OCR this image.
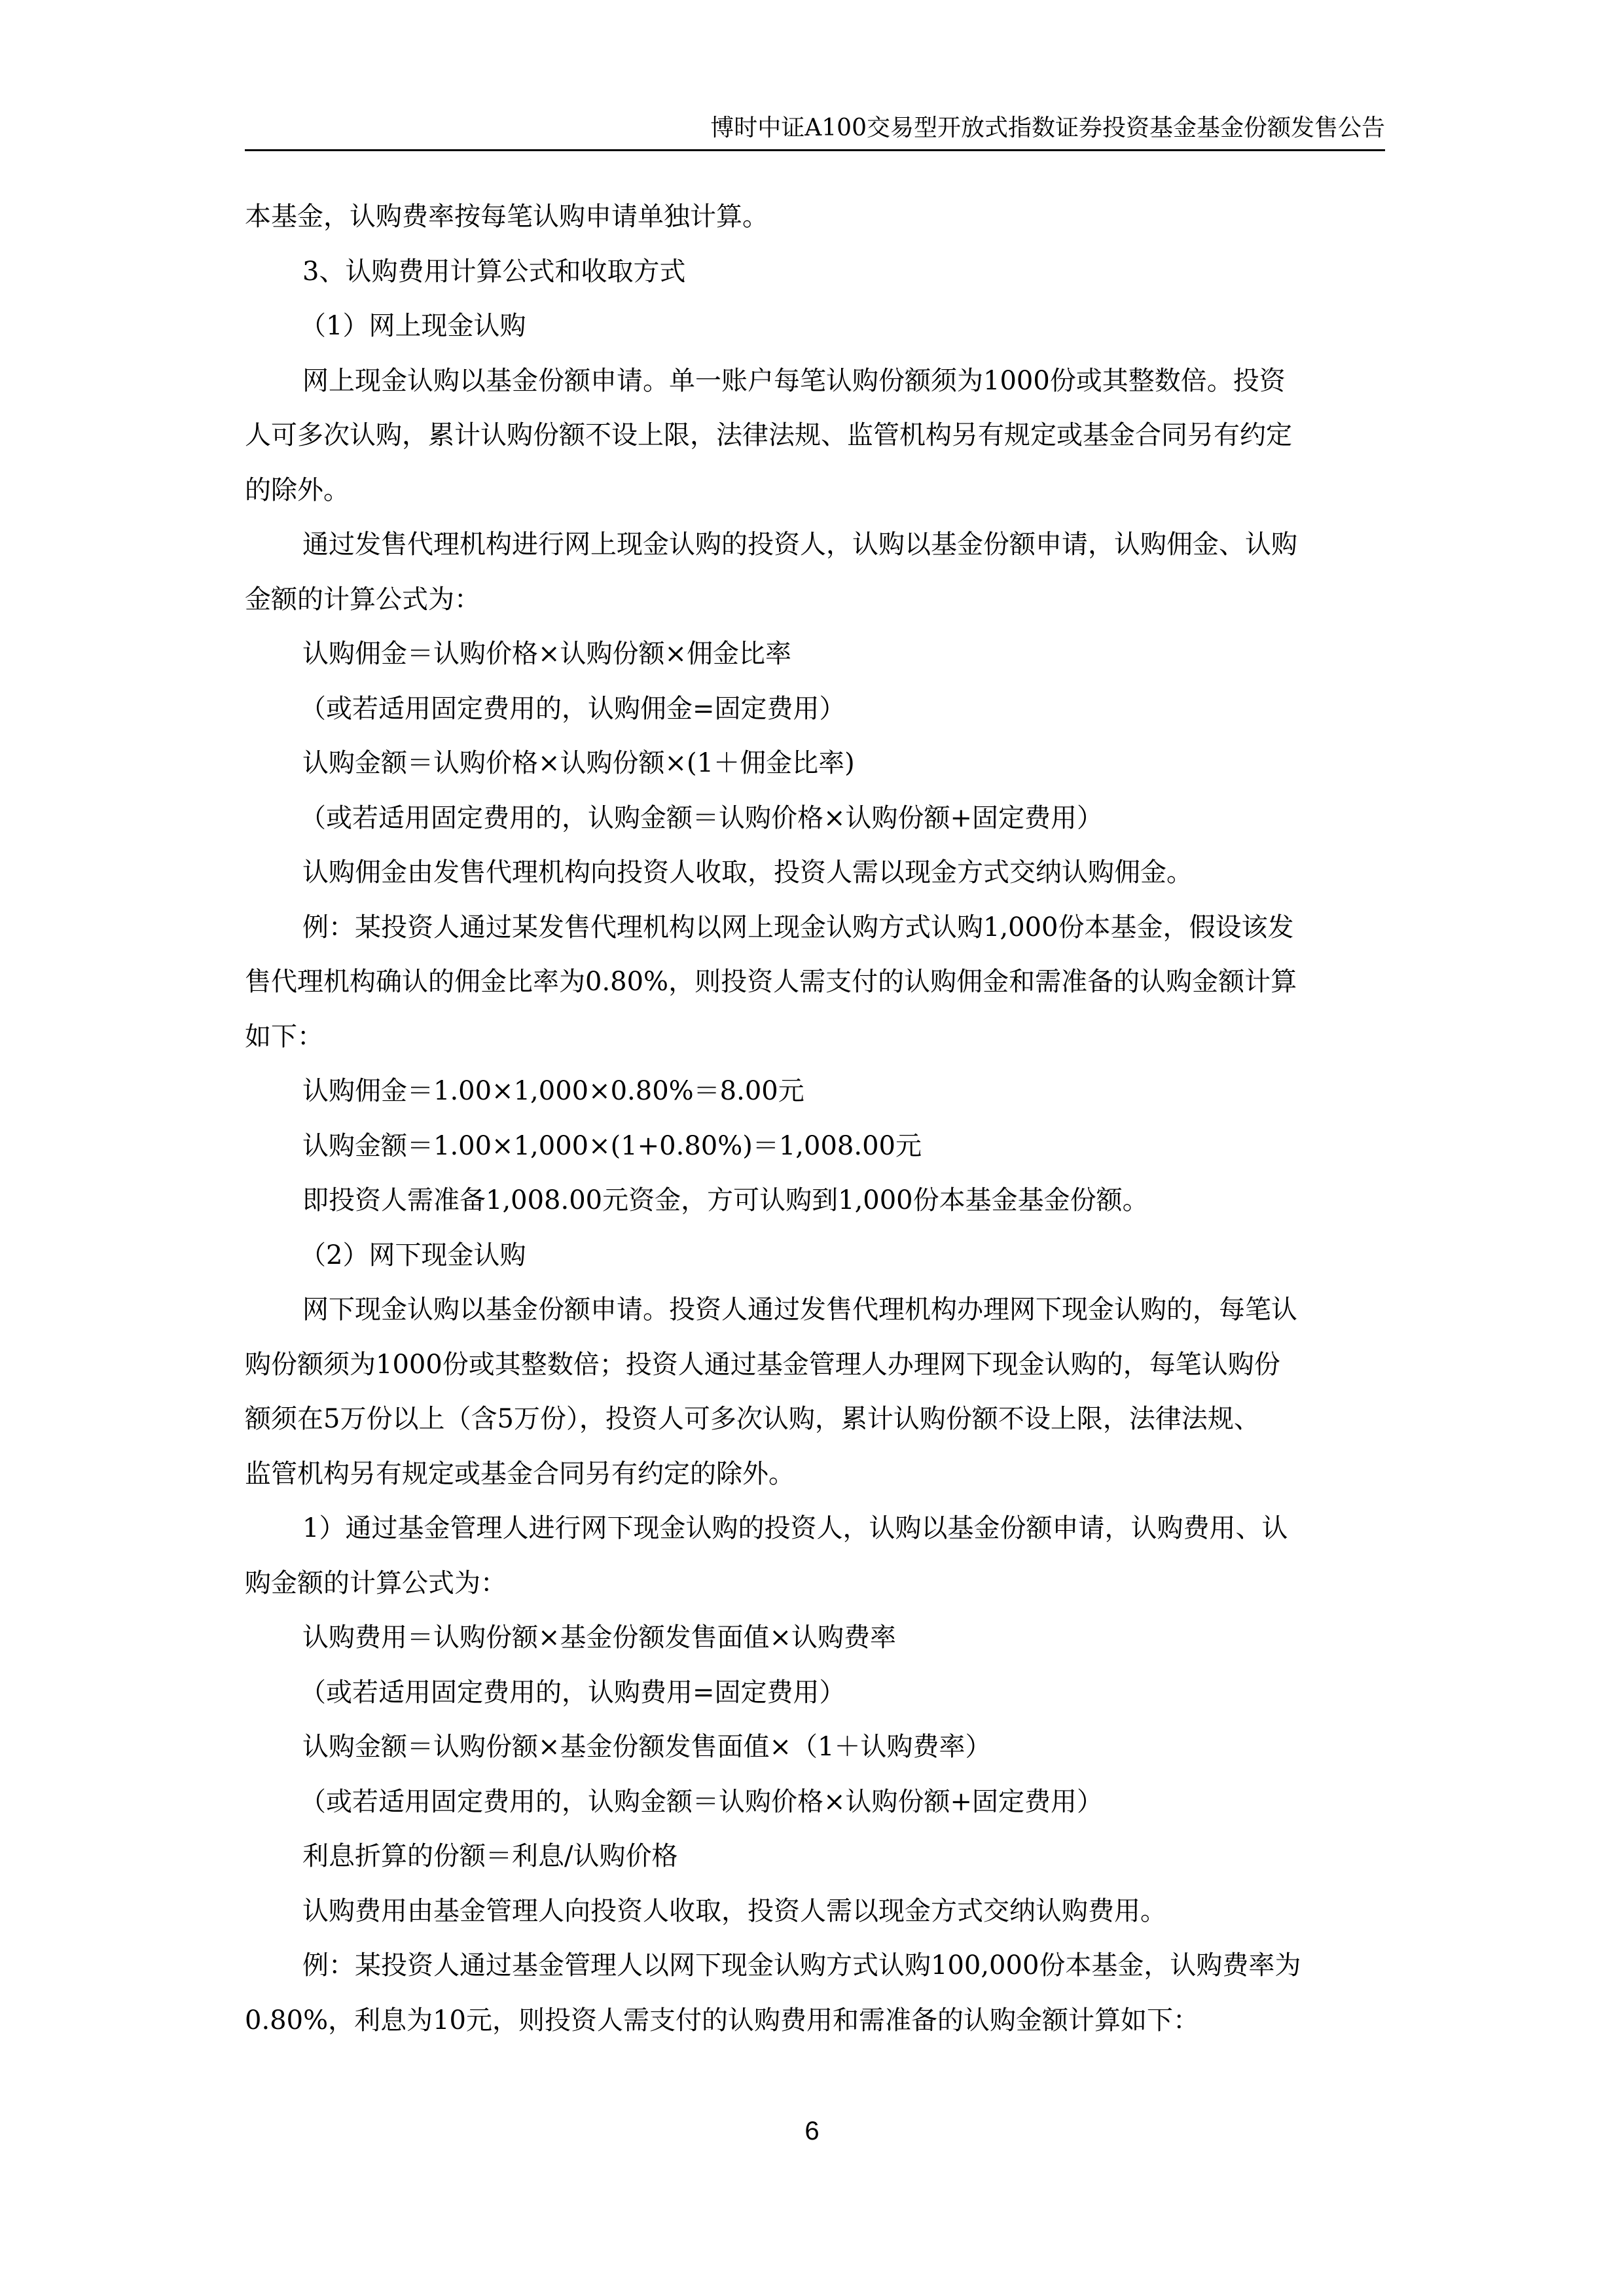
博时中证A100交易型开放式指数证券投资基金基金份额发售公告
本基金，认购费率按每笔认购申请单独计算。
3、认购费用计算公式和收取方式
（1）网上现金认购
网上现金认购以基金份额申请。单一账户每笔认购份额须为1000份或其整数倍。投资
人可多次认购，累计认购份额不设上限，法律法规、监管机构另有规定或基金合同另有约定
的除外。
通过发售代理机构进行网上现金认购的投资人，认购以基金份额申请，认购佣金、认购
金额的计算公式为：
认购佣金＝认购价格×认购份额×佣金比率
（或若适用固定费用的，认购佣金=固定费用）
认购金额＝认购价格×认购份额×(1＋佣金比率)
（或若适用固定费用的，认购金额＝认购价格×认购份额+固定费用）
认购佣金由发售代理机构向投资人收取，投资人需以现金方式交纳认购佣金。
例：某投资人通过某发售代理机构以网上现金认购方式认购1,000份本基金，假设该发
售代理机构确认的佣金比率为0.80%，则投资人需支付的认购佣金和需准备的认购金额计算
如下：
认购佣金＝1.00×1,000×0.80%＝8.00元
认购金额＝1.00×1,000×(1+0.80%)＝1,008.00元
即投资人需准备1,008.00元资金，方可认购到1,000份本基金基金份额。
（2）网下现金认购
网下现金认购以基金份额申请。投资人通过发售代理机构办理网下现金认购的，每笔认
购份额须为1000份或其整数倍；投资人通过基金管理人办理网下现金认购的，每笔认购份
额须在5万份以上（含5万份），投资人可多次认购，累计认购份额不设上限，法律法规、
监管机构另有规定或基金合同另有约定的除外。
1）通过基金管理人进行网下现金认购的投资人，认购以基金份额申请，认购费用、认
购金额的计算公式为：
认购费用＝认购份额×基金份额发售面值×认购费率
（或若适用固定费用的，认购费用=固定费用）
认购金额＝认购份额×基金份额发售面值×（1＋认购费率）
（或若适用固定费用的，认购金额＝认购价格×认购份额+固定费用）
利息折算的份额＝利息/认购价格
认购费用由基金管理人向投资人收取，投资人需以现金方式交纳认购费用。
例：某投资人通过基金管理人以网下现金认购方式认购100,000份本基金，认购费率为
0.80%，利息为10元，则投资人需支付的认购费用和需准备的认购金额计算如下：
6
